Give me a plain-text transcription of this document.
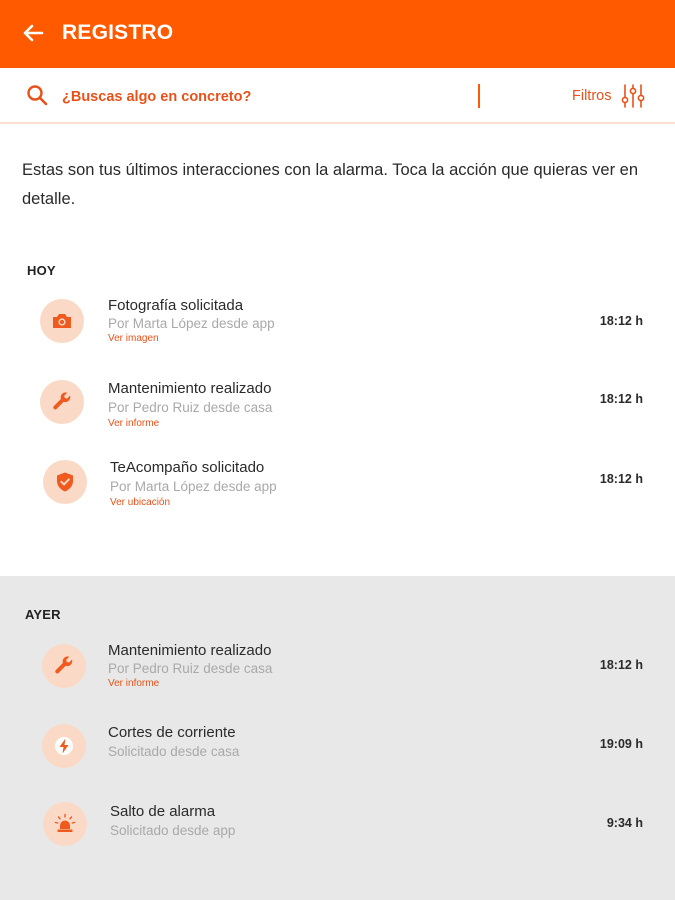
REGISTRO
¿Buscas algo en concreto?
Filtros

Estas son tus últimos interacciones con la alarma. Toca la acción que quieras ver en detalle.

HOY
Fotografía solicitada
Por Marta López desde app
Ver imagen
18:12 h
Mantenimiento realizado
Por Pedro Ruiz desde casa
Ver informe
18:12 h
TeAcompaño solicitado
Por Marta López desde app
Ver ubicación
18:12 h
AYER
Mantenimiento realizado
Por Pedro Ruiz desde casa
Ver informe
18:12 h
Cortes de corriente
Solicitado desde casa	19:09 h
Salto de alarma
Solicitado desde app	9:34 h
